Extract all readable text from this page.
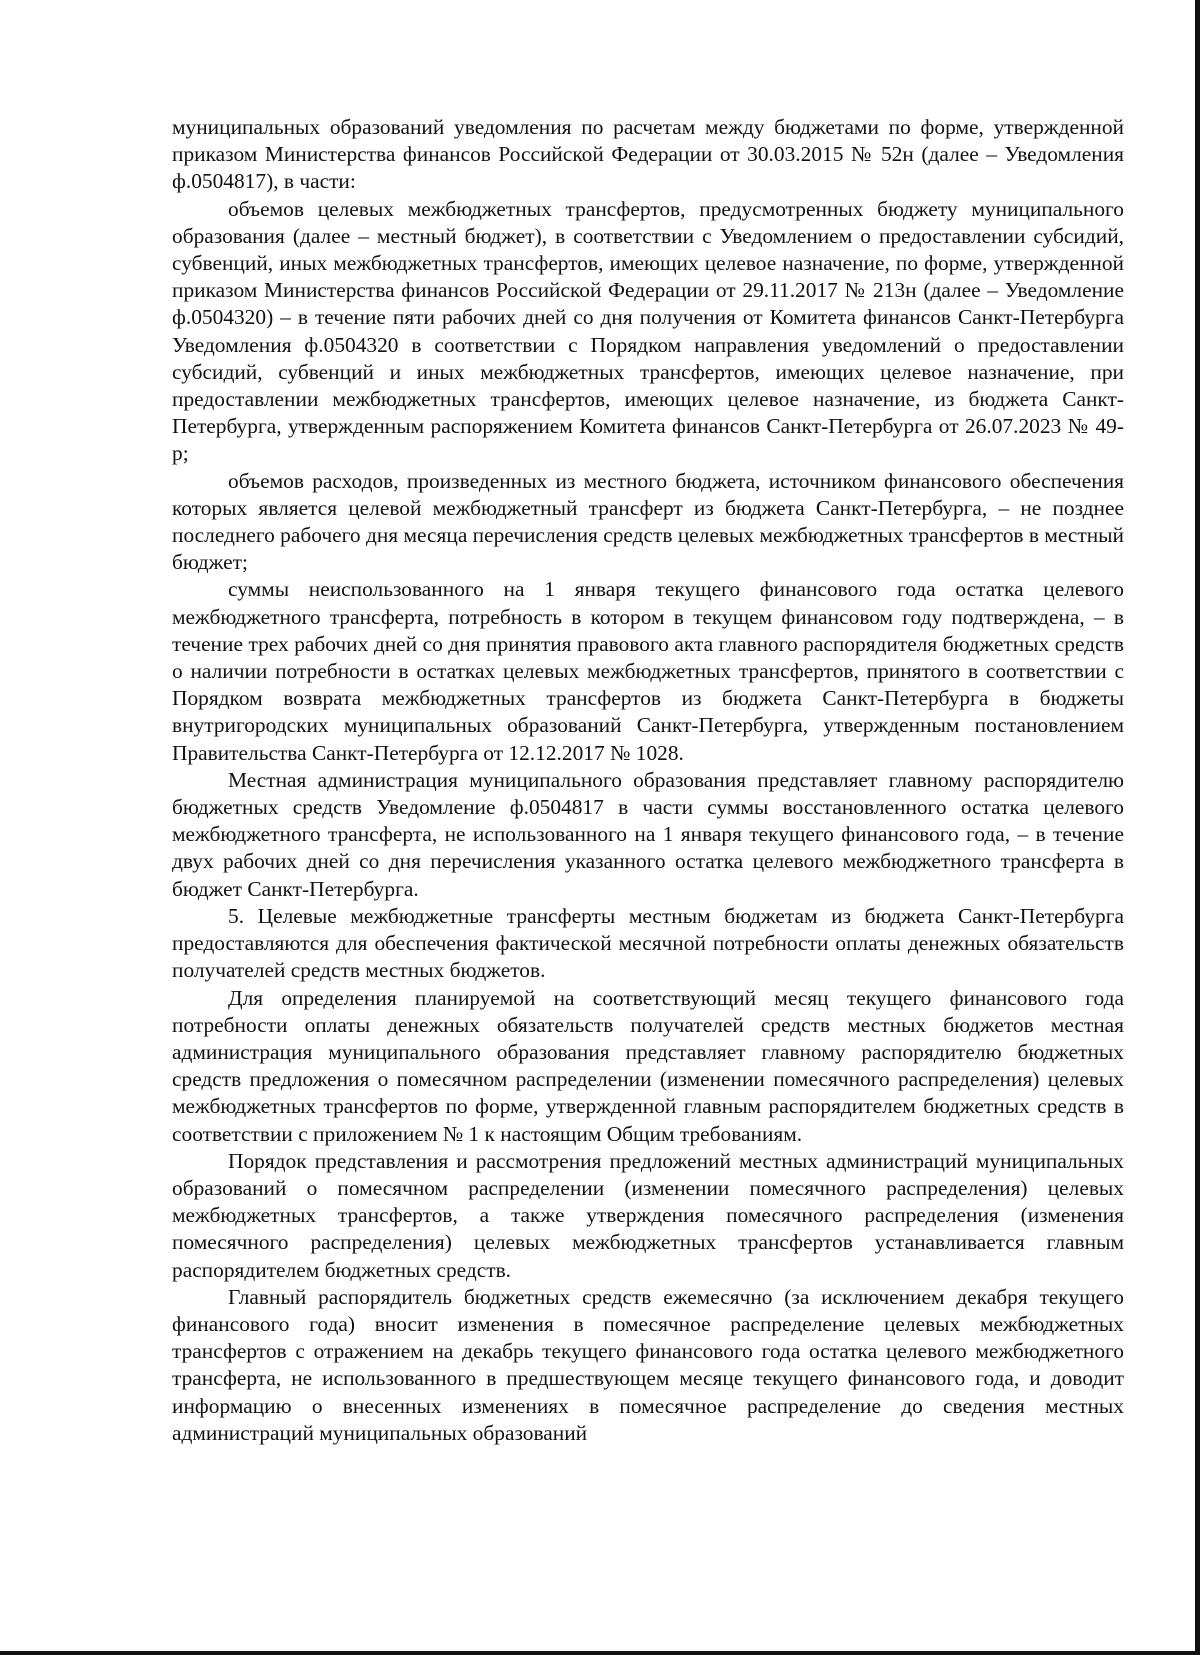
муниципальных образований уведомления по расчетам между бюджетами по форме, утвержденной приказом Министерства финансов Российской Федерации от 30.03.2015 № 52н (далее – Уведомления ф.0504817), в части:

объемов целевых межбюджетных трансфертов, предусмотренных бюджету муниципального образования (далее – местный бюджет), в соответствии с Уведомлением о предоставлении субсидий, субвенций, иных межбюджетных трансфертов, имеющих целевое назначение, по форме, утвержденной приказом Министерства финансов Российской Федерации от 29.11.2017 № 213н (далее – Уведомление ф.0504320) – в течение пяти рабочих дней со дня получения от Комитета финансов Санкт-Петербурга Уведомления ф.0504320 в соответствии с Порядком направления уведомлений о предоставлении субсидий, субвенций и иных межбюджетных трансфертов, имеющих целевое назначение, при предоставлении межбюджетных трансфертов, имеющих целевое назначение, из бюджета Санкт-Петербурга, утвержденным распоряжением Комитета финансов Санкт-Петербурга от 26.07.2023 № 49-р;

объемов расходов, произведенных из местного бюджета, источником финансового обеспечения которых является целевой межбюджетный трансферт из бюджета Санкт-Петербурга, – не позднее последнего рабочего дня месяца перечисления средств целевых межбюджетных трансфертов в местный бюджет;

суммы неиспользованного на 1 января текущего финансового года остатка целевого межбюджетного трансферта, потребность в котором в текущем финансовом году подтверждена, – в течение трех рабочих дней со дня принятия правового акта главного распорядителя бюджетных средств о наличии потребности в остатках целевых межбюджетных трансфертов, принятого в соответствии с Порядком возврата межбюджетных трансфертов из бюджета Санкт-Петербурга в бюджеты внутригородских муниципальных образований Санкт-Петербурга, утвержденным постановлением Правительства Санкт-Петербурга от 12.12.2017 № 1028.

Местная администрация муниципального образования представляет главному распорядителю бюджетных средств Уведомление ф.0504817 в части суммы восстановленного остатка целевого межбюджетного трансферта, не использованного на 1 января текущего финансового года, – в течение двух рабочих дней со дня перечисления указанного остатка целевого межбюджетного трансферта в бюджет Санкт-Петербурга.

5. Целевые межбюджетные трансферты местным бюджетам из бюджета Санкт-Петербурга предоставляются для обеспечения фактической месячной потребности оплаты денежных обязательств получателей средств местных бюджетов.

Для определения планируемой на соответствующий месяц текущего финансового года потребности оплаты денежных обязательств получателей средств местных бюджетов местная администрация муниципального образования представляет главному распорядителю бюджетных средств предложения о помесячном распределении (изменении помесячного распределения) целевых межбюджетных трансфертов по форме, утвержденной главным распорядителем бюджетных средств в соответствии с приложением № 1 к настоящим Общим требованиям.

Порядок представления и рассмотрения предложений местных администраций муниципальных образований о помесячном распределении (изменении помесячного распределения) целевых межбюджетных трансфертов, а также утверждения помесячного распределения (изменения помесячного распределения) целевых межбюджетных трансфертов устанавливается главным распорядителем бюджетных средств.

Главный распорядитель бюджетных средств ежемесячно (за исключением декабря текущего финансового года) вносит изменения в помесячное распределение целевых межбюджетных трансфертов с отражением на декабрь текущего финансового года остатка целевого межбюджетного трансферта, не использованного в предшествующем месяце текущего финансового года, и доводит информацию о внесенных изменениях в помесячное распределение до сведения местных администраций муниципальных образований
